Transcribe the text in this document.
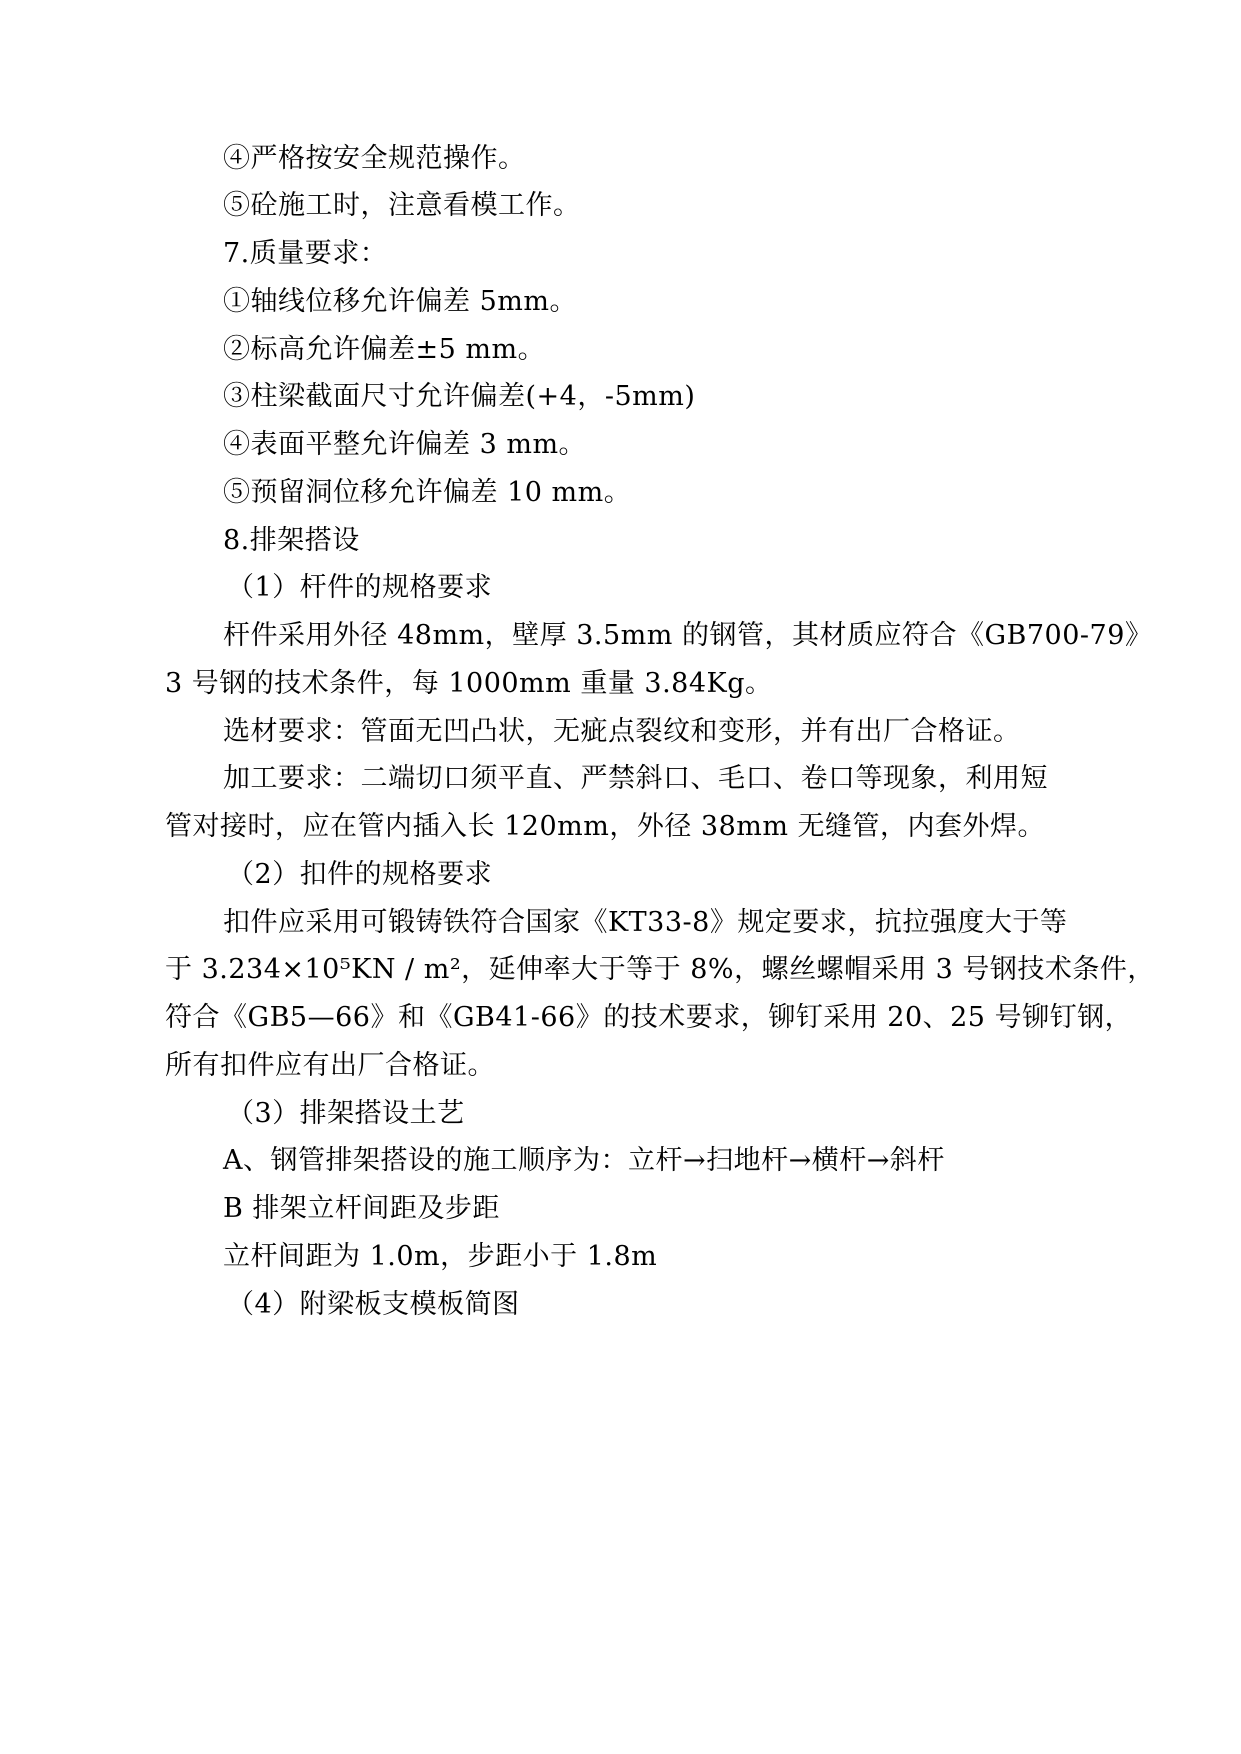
④严格按安全规范操作。
⑤砼施工时，注意看模工作。
7.质量要求：
①轴线位移允许偏差 5mm。
②标高允许偏差±5 mm。
③柱梁截面尺寸允许偏差(+4，-5mm)
④表面平整允许偏差 3 mm。
⑤预留洞位移允许偏差 10 mm。
8.排架搭设
（1）杆件的规格要求
杆件采用外径 48mm，壁厚 3.5mm 的钢管，其材质应符合《GB700-79》
3 号钢的技术条件，每 1000mm 重量 3.84Kg。
选材要求：管面无凹凸状，无疵点裂纹和变形，并有出厂合格证。
加工要求：二端切口须平直、严禁斜口、毛口、卷口等现象，利用短
管对接时，应在管内插入长 120mm，外径 38mm 无缝管，内套外焊。
（2）扣件的规格要求
扣件应采用可锻铸铁符合国家《KT33-8》规定要求，抗拉强度大于等
于 3.234×10⁵KN / m²，延伸率大于等于 8%，螺丝螺帽采用 3 号钢技术条件，
符合《GB5—66》和《GB41-66》的技术要求，铆钉采用 20、25 号铆钉钢，
所有扣件应有出厂合格证。
（3）排架搭设土艺
A、钢管排架搭设的施工顺序为：立杆→扫地杆→横杆→斜杆
B 排架立杆间距及步距
立杆间距为 1.0m，步距小于 1.8m
（4）附梁板支模板简图
